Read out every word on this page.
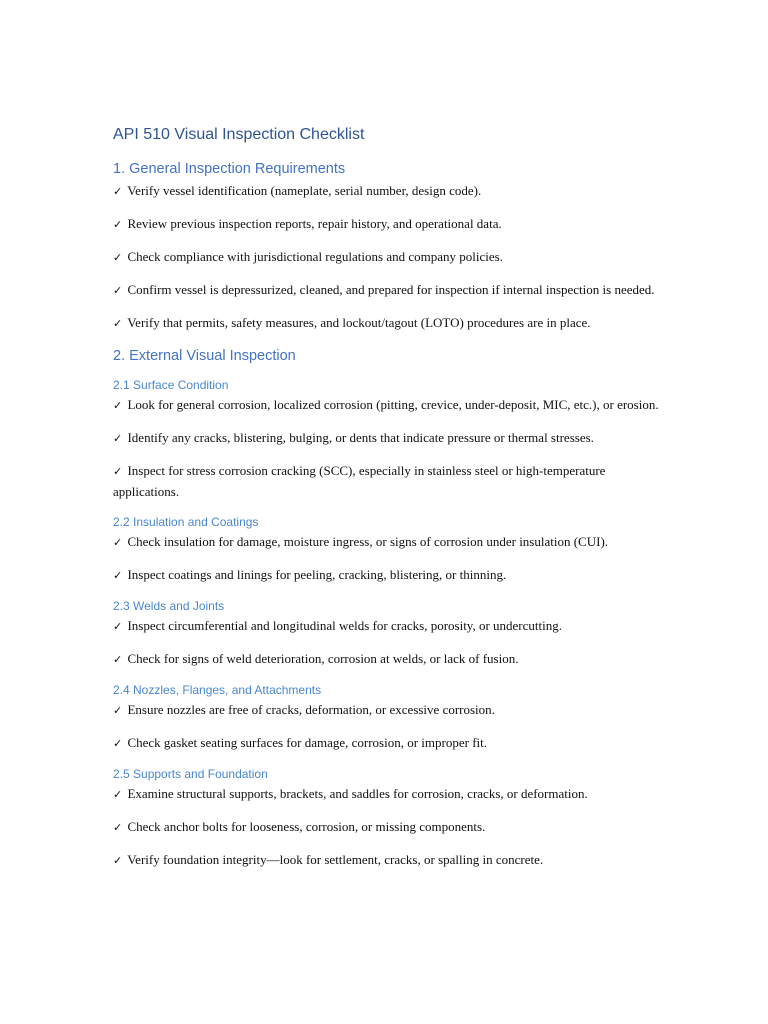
API 510 Visual Inspection Checklist
1. General Inspection Requirements

✓ Verify vessel identification (nameplate, serial number, design code).

✓ Review previous inspection reports, repair history, and operational data.

✓ Check compliance with jurisdictional regulations and company policies.

✓ Confirm vessel is depressurized, cleaned, and prepared for inspection if internal inspection is needed.

✓ Verify that permits, safety measures, and lockout/tagout (LOTO) procedures are in place.

2. External Visual Inspection
2.1 Surface Condition

✓ Look for general corrosion, localized corrosion (pitting, crevice, under-deposit, MIC, etc.), or erosion.

✓ Identify any cracks, blistering, bulging, or dents that indicate pressure or thermal stresses.

✓ Inspect for stress corrosion cracking (SCC), especially in stainless steel or high-temperature applications.

2.2 Insulation and Coatings

✓ Check insulation for damage, moisture ingress, or signs of corrosion under insulation (CUI).

✓ Inspect coatings and linings for peeling, cracking, blistering, or thinning.

2.3 Welds and Joints

✓ Inspect circumferential and longitudinal welds for cracks, porosity, or undercutting.

✓ Check for signs of weld deterioration, corrosion at welds, or lack of fusion.

2.4 Nozzles, Flanges, and Attachments

✓ Ensure nozzles are free of cracks, deformation, or excessive corrosion.

✓ Check gasket seating surfaces for damage, corrosion, or improper fit.

2.5 Supports and Foundation

✓ Examine structural supports, brackets, and saddles for corrosion, cracks, or deformation.

✓ Check anchor bolts for looseness, corrosion, or missing components.

✓ Verify foundation integrity—look for settlement, cracks, or spalling in concrete.
